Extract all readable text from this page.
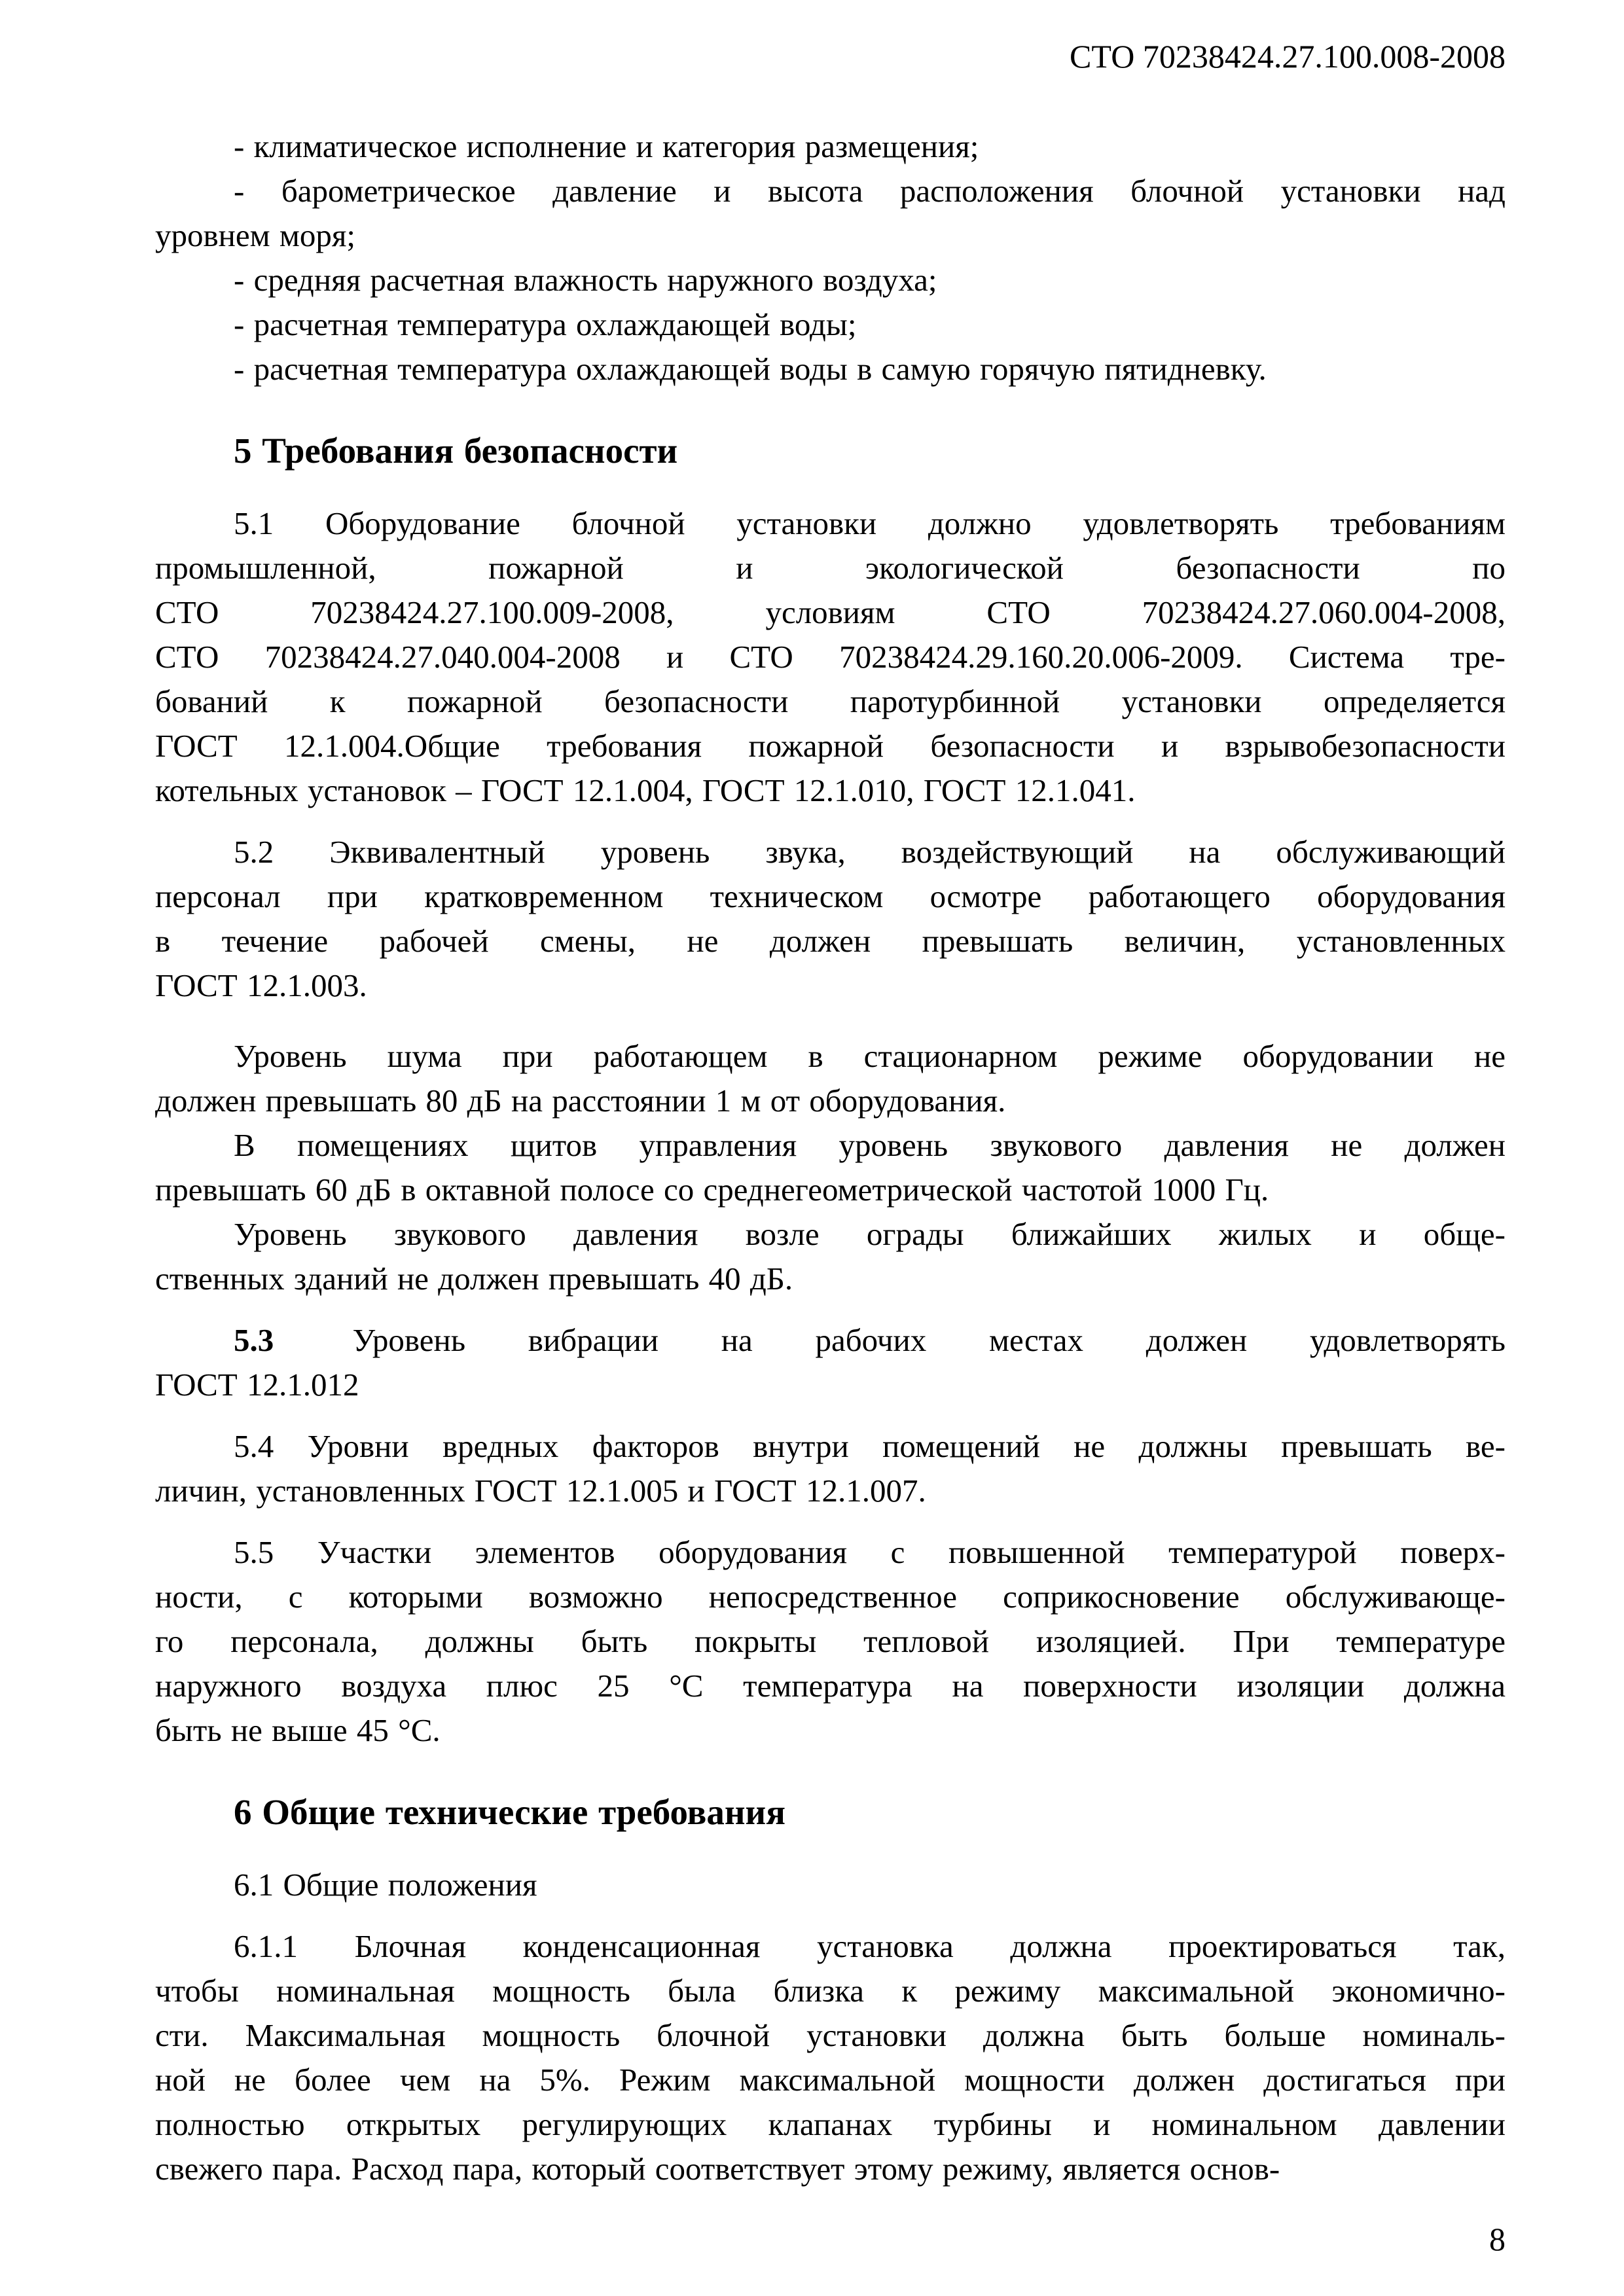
СТО 70238424.27.100.008-2008
- климатическое исполнение и категория размещения;
- барометрическое давление и высота расположения блочной установки над
уровнем моря;
- средняя расчетная влажность наружного воздуха;
- расчетная температура охлаждающей воды;
- расчетная температура охлаждающей воды в самую горячую пятидневку.
5 Требования безопасности
5.1 Оборудование блочной установки должно удовлетворять требованиям
промышленной, пожарной и экологической безопасности по
СТО 70238424.27.100.009-2008, условиям СТО 70238424.27.060.004-2008,
СТО 70238424.27.040.004-2008 и СТО 70238424.29.160.20.006-2009. Система тре-
бований к пожарной безопасности паротурбинной установки определяется
ГОСТ 12.1.004.Общие требования пожарной безопасности и взрывобезопасности
котельных установок – ГОСТ 12.1.004, ГОСТ 12.1.010, ГОСТ 12.1.041.
5.2 Эквивалентный уровень звука, воздействующий на обслуживающий
персонал при кратковременном техническом осмотре работающего оборудования
в течение рабочей смены, не должен превышать величин, установленных
ГОСТ 12.1.003.
Уровень шума при работающем в стационарном режиме оборудовании не
должен превышать 80 дБ на расстоянии 1 м от оборудования.
В помещениях щитов управления уровень звукового давления не должен
превышать 60 дБ в октавной полосе со среднегеометрической частотой 1000 Гц.
Уровень звукового давления возле ограды ближайших жилых и обще-
ственных зданий не должен превышать 40 дБ.
5.3  Уровень вибрации на рабочих местах должен удовлетворять
ГОСТ 12.1.012
5.4 Уровни вредных факторов внутри помещений не должны превышать ве-
личин, установленных ГОСТ 12.1.005 и ГОСТ 12.1.007.
5.5 Участки элементов оборудования с повышенной температурой поверх-
ности, с которыми возможно непосредственное соприкосновение обслуживающе-
го персонала, должны быть покрыты тепловой изоляцией. При температуре
наружного воздуха плюс 25 °С температура на поверхности изоляции должна
быть не выше 45 °С.
6 Общие технические требования
6.1 Общие положения
6.1.1 Блочная конденсационная установка должна проектироваться так,
чтобы номинальная мощность была близка к режиму максимальной экономично-
сти. Максимальная мощность блочной установки должна быть больше номиналь-
ной не более чем на 5%. Режим максимальной мощности должен достигаться при
полностью открытых регулирующих клапанах турбины и номинальном давлении
свежего пара. Расход пара, который соответствует этому режиму, является основ-
8
